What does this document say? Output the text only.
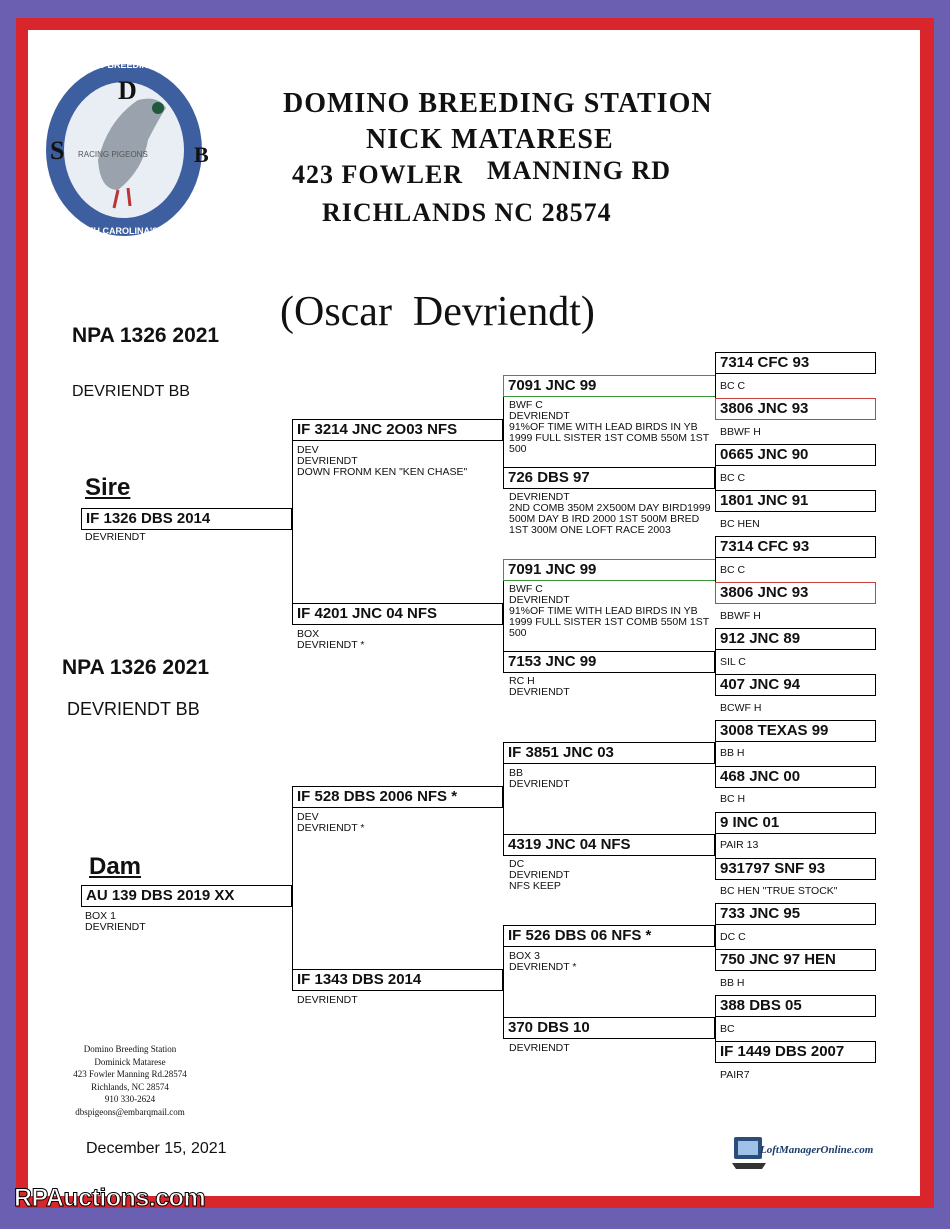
D
S	B
DOMINO BREEDING STATION
NORTH CAROLINA'S FINEST
RACING PIGEONS
DOMINO BREEDING STATION
NICK MATARESE
423 FOWLER MANNING RD
RICHLANDS NC 28574
(Oscar  Devriendt)
NPA 1326 2021
DEVRIENDT BB
Sire
IF 1326 DBS 2014
DEVRIENDT
NPA 1326 2021
DEVRIENDT BB
Dam
AU 139 DBS 2019 XX
BOX 1
DEVRIENDT
IF 3214 JNC 2O03 NFS
DEV
DEVRIENDT
DOWN FRONM KEN "KEN CHASE"
IF 4201 JNC 04 NFS
BOX
DEVRIENDT *
IF 528 DBS 2006 NFS *
DEV
DEVRIENDT *
IF 1343 DBS 2014
DEVRIENDT
7091 JNC 99
BWF C
DEVRIENDT
91%OF TIME WITH LEAD BIRDS IN YB
1999 FULL SISTER 1ST COMB 550M 1ST 500
726 DBS 97
DEVRIENDT
2ND COMB 350M 2X500M DAY BIRD1999 500M DAY B IRD 2000 1ST 500M BRED 1ST 300M ONE LOFT RACE 2003
7091 JNC 99
BWF C
DEVRIENDT
91%OF TIME WITH LEAD BIRDS IN YB
1999 FULL SISTER 1ST COMB 550M 1ST 500
7153 JNC 99
RC H
DEVRIENDT
IF 3851 JNC 03
BB
DEVRIENDT
4319 JNC 04 NFS
DC
DEVRIENDT
NFS KEEP
IF 526 DBS 06 NFS *
BOX 3
DEVRIENDT *
370 DBS 10
DEVRIENDT
7314 CFC 93
BC C
3806 JNC 93
BBWF H
0665 JNC 90
BC C
1801 JNC 91
BC HEN
7314 CFC 93
BC C
3806 JNC 93
BBWF H
912 JNC 89
SIL C
407 JNC 94
BCWF H
3008 TEXAS 99
BB H
468 JNC 00
BC H
9 INC 01
PAIR 13
931797 SNF 93
BC HEN "TRUE STOCK"
733 JNC 95
DC C
750 JNC 97 HEN
BB H
388 DBS 05
BC
IF 1449 DBS 2007
PAIR7
Domino Breeding Station
Dominick Matarese
423 Fowler Manning Rd.28574
Richlands, NC 28574
910 330-2624
dbspigeons@embarqmail.com
December 15, 2021	LoftManagerOnline.com
RPAuctions.com
